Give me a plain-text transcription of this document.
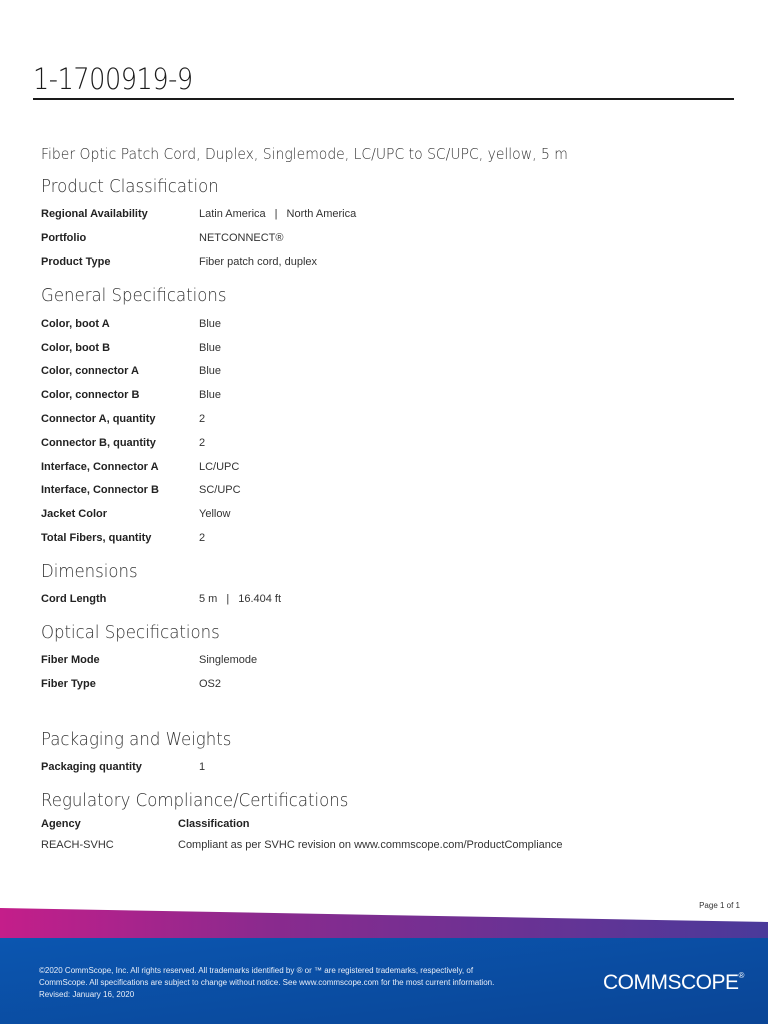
1-1700919-9
Fiber Optic Patch Cord, Duplex, Singlemode, LC/UPC to SC/UPC, yellow, 5 m
Product Classification
Regional Availability	Latin America | North America
Portfolio	NETCONNECT®
Product Type	Fiber patch cord, duplex
General Specifications
Color, boot A	Blue
Color, boot B	Blue
Color, connector A	Blue
Color, connector B	Blue
Connector A, quantity	2
Connector B, quantity	2
Interface, Connector A	LC/UPC
Interface, Connector B	SC/UPC
Jacket Color	Yellow
Total Fibers, quantity	2
Dimensions
Cord Length	5 m | 16.404 ft
Optical Specifications
Fiber Mode	Singlemode
Fiber Type	OS2
Packaging and Weights
Packaging quantity	1
Regulatory Compliance/Certifications
Agency	Classification
REACH-SVHC	Compliant as per SVHC revision on www.commscope.com/ProductCompliance
Page 1 of 1
©2020 CommScope, Inc. All rights reserved. All trademarks identified by ® or ™ are registered trademarks, respectively, of CommScope. All specifications are subject to change without notice. See www.commscope.com for the most current information. Revised: January 16, 2020
COMMSCOPE®
